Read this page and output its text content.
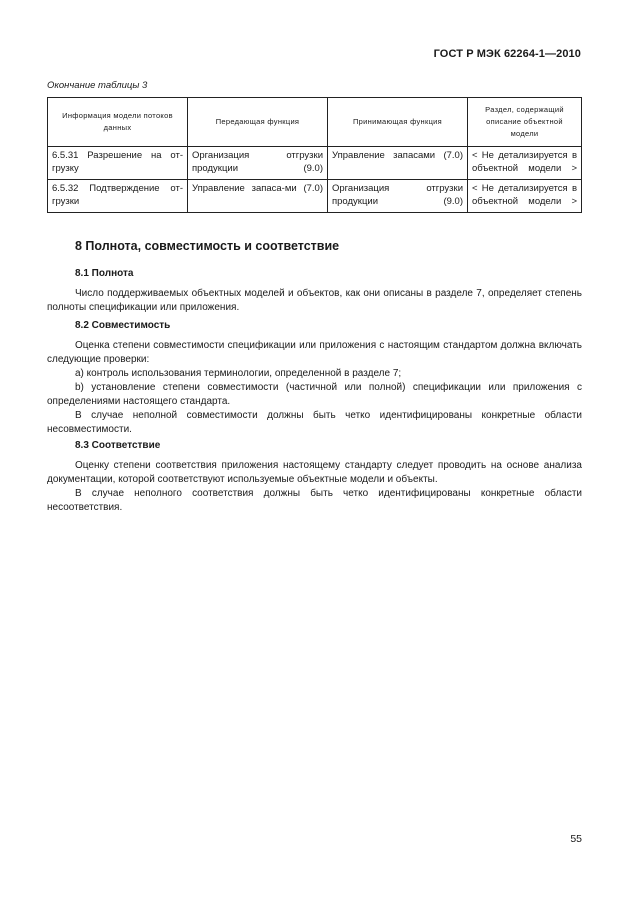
ГОСТ Р МЭК 62264-1—2010
Окончание таблицы 3
Информация модели потоков данных	Передающая функция	Принимающая функция	Раздел, содержащий описание объектной модели
6.5.31 Разрешение на от-грузку	Организация отгрузки продукции (9.0)	Управление запасами (7.0)	< Не детализируется в объектной модели >
6.5.32 Подтверждение от-грузки	Управление запаса-ми (7.0)	Организация отгрузки продукции (9.0)	< Не детализируется в объектной модели >
8 Полнота, совместимость и соответствие
8.1 Полнота

Число поддерживаемых объектных моделей и объектов, как они описаны в разделе 7, определяет степень полноты спецификации или приложения.

8.2 Совместимость

Оценка степени совместимости спецификации или приложения с настоящим стандартом должна включать следующие проверки:

а) контроль использования терминологии, определенной в разделе 7;

b) установление степени совместимости (частичной или полной) спецификации или приложения с определениями настоящего стандарта.

В случае неполной совместимости должны быть четко идентифицированы конкретные области несовместимости.

8.3 Соответствие

Оценку степени соответствия приложения настоящему стандарту следует проводить на основе анализа документации, которой соответствуют используемые объектные модели и объекты.

В случае неполного соответствия должны быть четко идентифицированы конкретные области несоответствия.

55
